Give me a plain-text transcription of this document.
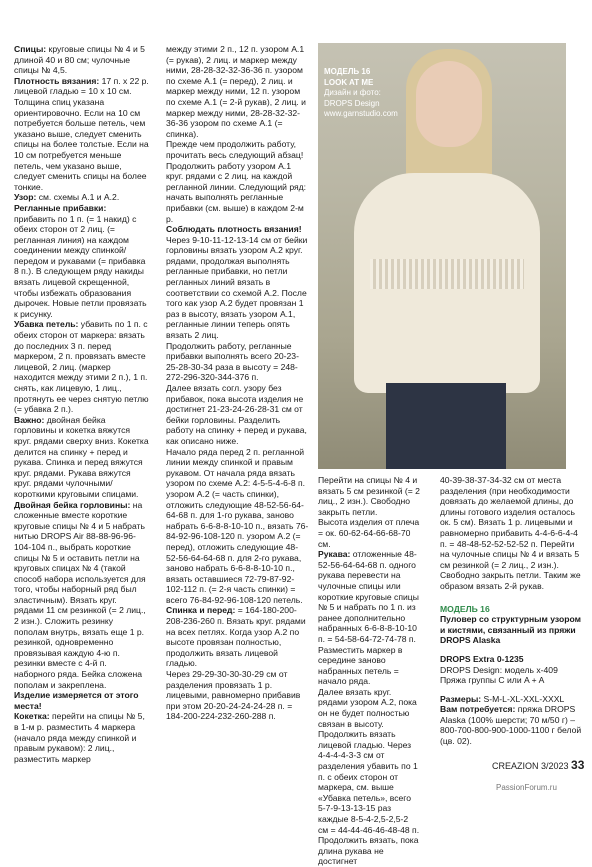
Спицы: круговые спицы № 4 и 5 длиной 40 и 80 см; чулочные спицы № 4,5.

Плотность вязания: 17 п. х 22 р. лицевой гладью = 10 х 10 см.

Толщина спиц указана ориентировочно. Если на 10 см потребуется больше петель, чем указано выше, следует сменить спицы на более толстые. Если на 10 см потребуется меньше петель, чем указано выше, следует сменить спицы на более тонкие.

Узор: см. схемы А.1 и А.2.

Регланные прибавки: прибавить по 1 п. (= 1 накид) с обеих сторон от 2 лиц. (= регланная линия) на каждом соединении между спинкой/передом и рукавами (= прибавка 8 п.). В следующем ряду накиды вязать лицевой скрещенной, чтобы избежать образования дырочек. Новые петли провязать к рисунку.

Убавка петель: убавить по 1 п. с обеих сторон от маркера: вязать до последних 3 п. перед маркером, 2 п. провязать вместе лицевой, 2 лиц. (маркер находится между этими 2 п.), 1 п. снять, как лицевую, 1 лиц., протянуть ее через снятую петлю (= убавка 2 п.).

Важно: двойная бейка горловины и кокетка вяжутся круг. рядами сверху вниз. Кокетка делится на спинку + перед и рукава. Спинка и перед вяжутся круг. рядами. Рукава вяжутся круг. рядами чулочными/короткими круговыми спицами.

Двойная бейка горловины: на сложенные вместе короткие круговые спицы № 4 и 5 набрать нитью DROPS Air 88-88-96-96-104-104 п., выбрать короткие спицы № 5 и оставить петли на круговых спицах № 4 (такой способ набора используется для того, чтобы наборный ряд был эластичным). Вязать круг. рядами 11 см резинкой (= 2 лиц., 2 изн.). Сложить резинку пополам внутрь, вязать еще 1 р. резинкой, одновременно провязывая каждую 4-ю п. резинки вместе с 4-й п. наборного ряда. Бейка сложена пополам и закреплена.

Изделие измеряется от этого места!

Кокетка: перейти на спицы № 5, в 1-м р. разместить 4 маркера (начало ряда между спинкой и правым рукавом): 2 лиц., разместить маркер

между этими 2 п., 12 п. узором А.1 (= рукав), 2 лиц. и маркер между ними, 28-28-32-32-36-36 п. узором по схеме А.1 (= перед), 2 лиц. и маркер между ними, 12 п. узором по схеме А.1 (= 2-й рукав), 2 лиц. и маркер между ними, 28-28-32-32-36-36 узором по схеме А.1 (= спинка).

Прежде чем продолжить работу, прочитать весь следующий абзац!

Продолжить работу узором А.1 круг. рядами с 2 лиц. на каждой регланной линии. Следующий ряд: начать выполнять регланные прибавки (см. выше) в каждом 2-м р.

Соблюдать плотность вязания!

Через 9-10-11-12-13-14 см от бейки горловины вязать узором А.2 круг. рядами, продолжая выполнять регланные прибавки, но петли регланных линий вязать в соответствии со схемой А.2. После того как узор А.2 будет провязан 1 раз в высоту, вязать узором А.1, регланные линии теперь опять вязать 2 лиц.

Продолжить работу, регланные прибавки выполнять всего 20-23-25-28-30-34 раза в высоту = 248-272-296-320-344-376 п.

Далее вязать согл. узору без прибавок, пока высота изделия не достигнет 21-23-24-26-28-31 см от бейки горловины. Разделить работу на спинку + перед и рукава, как описано ниже.

Начало ряда перед 2 п. регланной линии между спинкой и правым рукавом. От начала ряда вязать узором по схеме А.2: 4-5-5-4-6-8 п. узором А.2 (= часть спинки), отложить следующие 48-52-56-64-64-68 п. для 1-го рукава, заново набрать 6-6-8-8-10-10 п., вязать 76-84-92-96-108-120 п. узором А.2 (= перед), отложить следующие 48-52-56-64-64-68 п. для 2-го рукава, заново набрать 6-6-8-8-10-10 п., вязать оставшиеся 72-79-87-92-102-112 п. (= 2-я часть спинки) = всего 76-84-92-96-108-120 петель.

Спинка и перед: = 164-180-200-208-236-260 п. Вязать круг. рядами на всех петлях. Когда узор А.2 по высоте провязан полностью, продолжить вязать лицевой гладью.

Через 29-29-30-30-30-29 см от разделения провязать 1 р. лицевыми, равномерно прибавив при этом 20-20-24-24-24-28 п. = 184-200-224-232-260-288 п.

МОДЕЛЬ 16
LOOK AT ME
Дизайн и фото:
DROPS Design
www.garnstudio.com

Перейти на спицы № 4 и вязать 5 см резинкой (= 2 лиц., 2 изн.). Свободно закрыть петли.

Высота изделия от плеча = ок. 60-62-64-66-68-70 см.

Рукава: отложенные 48-52-56-64-64-68 п. одного рукава перевести на чулочные спицы или короткие круговые спицы № 5 и набрать по 1 п. из ранее дополнительно набранных 6-6-8-8-10-10 п. = 54-58-64-72-74-78 п.

Разместить маркер в середине заново набранных петель = начало ряда.

Далее вязать круг. рядами узором А.2, пока он не будет полностью связан в высоту. Продолжить вязать лицевой гладью. Через 4-4-4-4-3-3 см от разделения убавить по 1 п. с обеих сторон от маркера, см. выше «Убавка петель», всего 5-7-9-13-13-15 раз каждые 8-5-4-2,5-2,5-2 см = 44-44-46-46-48-48 п. Продолжить вязать, пока длина рукава не достигнет

40-39-38-37-34-32 см от места разделения (при необходимости довязать до желаемой длины, до длины готового изделия осталось ок. 5 см). Вязать 1 р. лицевыми и равномерно прибавить 4-4-6-6-4-4 п. = 48-48-52-52-52-52 п. Перейти на чулочные спицы № 4 и вязать 5 см резинкой (= 2 лиц., 2 изн.). Свободно закрыть петли. Таким же образом вязать 2-й рукав.

МОДЕЛЬ 16

Пуловер со структурным узором и кистями, связанный из пряжи DROPS Alaska

DROPS Extra 0-1235

DROPS Design: модель х-409

Пряжа группы C или A + A

Размеры: S-M-L-XL-XXL-XXXL

Вам потребуется: пряжа DROPS Alaska (100% шерсти; 70 м/50 г) – 800-700-800-900-1000-1100 г белой (цв. 02).

CREAZION 3/2023 33
PassionForum.ru
